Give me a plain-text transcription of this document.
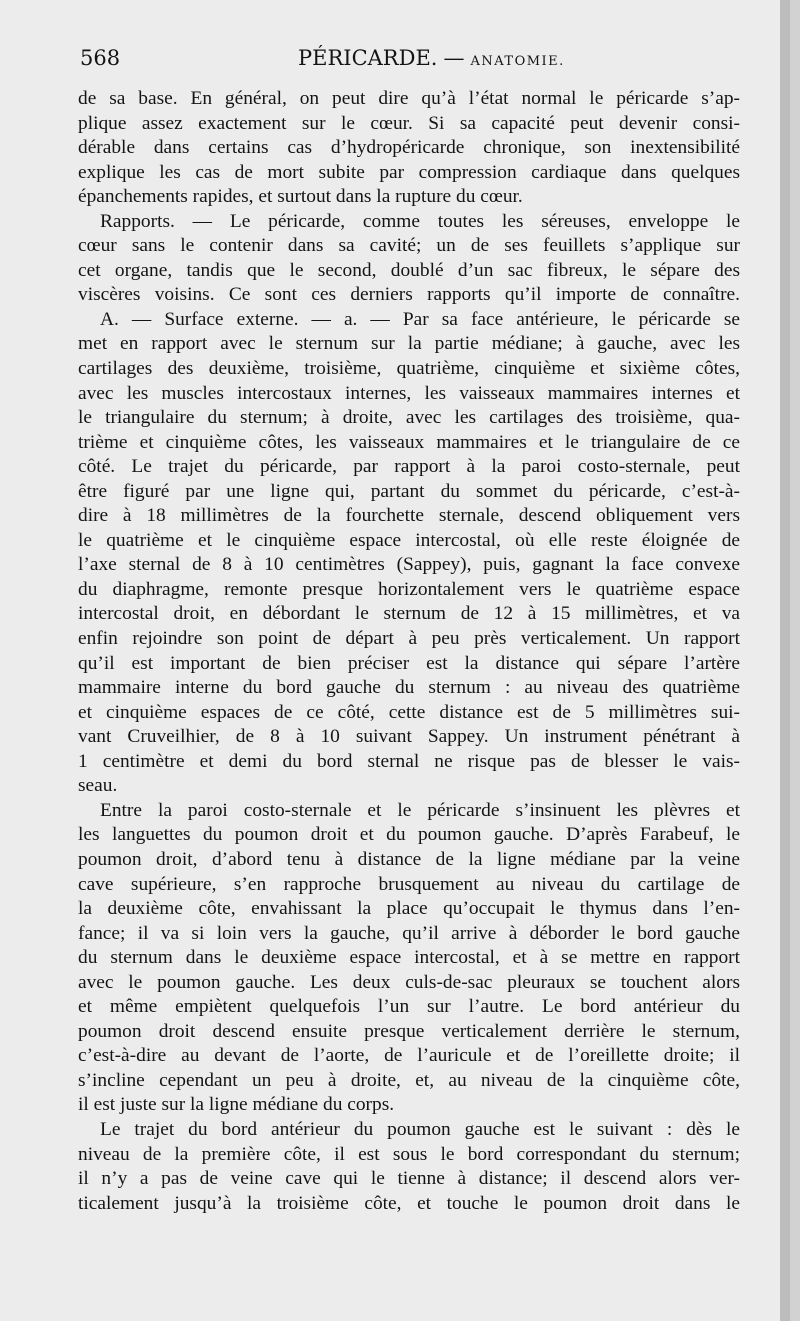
568	PÉRICARDE. — ANATOMIE.
de sa base. En général, on peut dire qu’à l’état normal le péricarde s’ap-
plique assez exactement sur le cœur. Si sa capacité peut devenir consi-
dérable dans certains cas d’hydropéricarde chronique, son inextensibilité
explique les cas de mort subite par compression cardiaque dans quelques
épanchements rapides, et surtout dans la rupture du cœur.
Rapports. — Le péricarde, comme toutes les séreuses, enveloppe le
cœur sans le contenir dans sa cavité; un de ses feuillets s’applique sur
cet organe, tandis que le second, doublé d’un sac fibreux, le sépare des
viscères voisins. Ce sont ces derniers rapports qu’il importe de connaître.
A. — Surface externe. — a. — Par sa face antérieure, le péricarde se
met en rapport avec le sternum sur la partie médiane; à gauche, avec les
cartilages des deuxième, troisième, quatrième, cinquième et sixième côtes,
avec les muscles intercostaux internes, les vaisseaux mammaires internes et
le triangulaire du sternum; à droite, avec les cartilages des troisième, qua-
trième et cinquième côtes, les vaisseaux mammaires et le triangulaire de ce
côté. Le trajet du péricarde, par rapport à la paroi costo-sternale, peut
être figuré par une ligne qui, partant du sommet du péricarde, c’est-à-
dire à 18 millimètres de la fourchette sternale, descend obliquement vers
le quatrième et le cinquième espace intercostal, où elle reste éloignée de
l’axe sternal de 8 à 10 centimètres (Sappey), puis, gagnant la face convexe
du diaphragme, remonte presque horizontalement vers le quatrième espace
intercostal droit, en débordant le sternum de 12 à 15 millimètres, et va
enfin rejoindre son point de départ à peu près verticalement. Un rapport
qu’il est important de bien préciser est la distance qui sépare l’artère
mammaire interne du bord gauche du sternum : au niveau des quatrième
et cinquième espaces de ce côté, cette distance est de 5 millimètres sui-
vant Cruveilhier, de 8 à 10 suivant Sappey. Un instrument pénétrant à
1 centimètre et demi du bord sternal ne risque pas de blesser le vais-
seau.
Entre la paroi costo-sternale et le péricarde s’insinuent les plèvres et
les languettes du poumon droit et du poumon gauche. D’après Farabeuf, le
poumon droit, d’abord tenu à distance de la ligne médiane par la veine
cave supérieure, s’en rapproche brusquement au niveau du cartilage de
la deuxième côte, envahissant la place qu’occupait le thymus dans l’en-
fance; il va si loin vers la gauche, qu’il arrive à déborder le bord gauche
du sternum dans le deuxième espace intercostal, et à se mettre en rapport
avec le poumon gauche. Les deux culs-de-sac pleuraux se touchent alors
et même empiètent quelquefois l’un sur l’autre. Le bord antérieur du
poumon droit descend ensuite presque verticalement derrière le sternum,
c’est-à-dire au devant de l’aorte, de l’auricule et de l’oreillette droite; il
s’incline cependant un peu à droite, et, au niveau de la cinquième côte,
il est juste sur la ligne médiane du corps.
Le trajet du bord antérieur du poumon gauche est le suivant : dès le
niveau de la première côte, il est sous le bord correspondant du sternum;
il n’y a pas de veine cave qui le tienne à distance; il descend alors ver-
ticalement jusqu’à la troisième côte, et touche le poumon droit dans le
